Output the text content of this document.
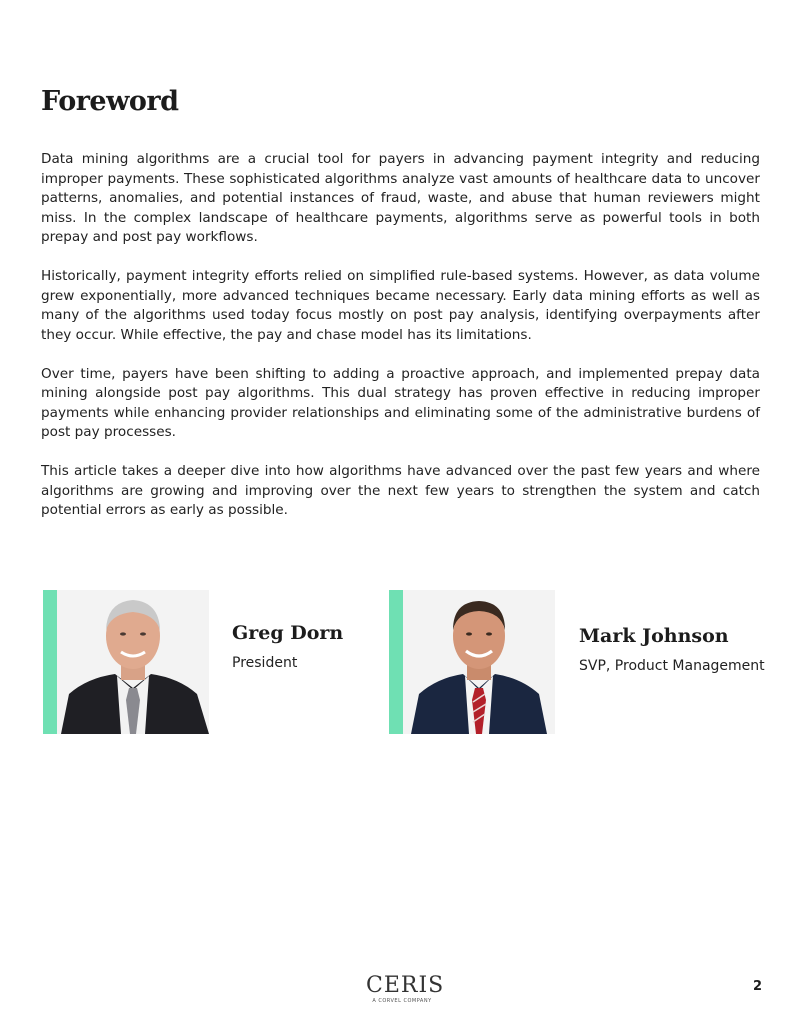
Foreword

Data mining algorithms are a crucial tool for payers in advancing payment integrity and reducing improper payments. These sophisticated algorithms analyze vast amounts of healthcare data to uncover patterns, anomalies, and potential instances of fraud, waste, and abuse that human reviewers might miss. In the complex landscape of healthcare payments, algorithms serve as powerful tools in both prepay and post pay workflows.

Historically, payment integrity efforts relied on simplified rule-based systems. However, as data volume grew exponentially, more advanced techniques became necessary. Early data mining efforts as well as many of the algorithms used today focus mostly on post pay analysis, identifying overpayments after they occur. While effective, the pay and chase model has its limitations.

Over time, payers have been shifting to adding a proactive approach, and implemented prepay data mining alongside post pay algorithms. This dual strategy has proven effective in reducing improper payments while enhancing provider relationships and eliminating some of the administrative burdens of post pay processes.

This article takes a deeper dive into how algorithms have advanced over the past few years and where algorithms are growing and improving over the next few years to strengthen the system and catch potential errors as early as possible.

Greg Dorn
President
Mark Johnson
SVP, Product Management
CERIS
A CORVEL COMPANY
2
